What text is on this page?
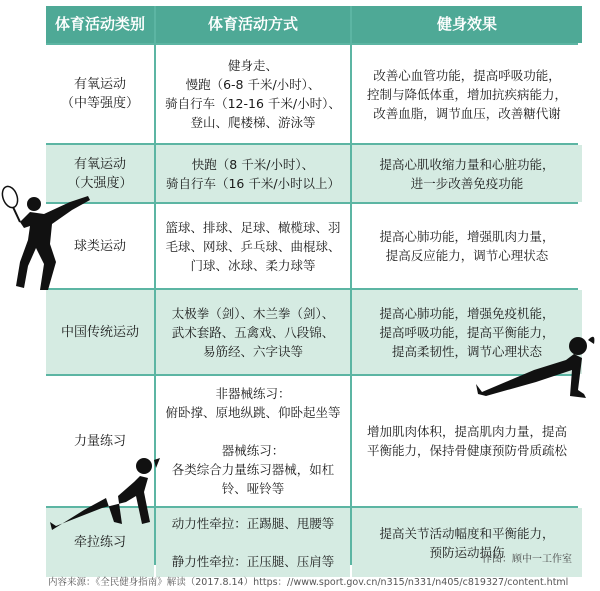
体育活动类别	体育活动方式	健身效果
有氧运动
（中等强度）
健身走、
慢跑（6-8 千米/小时）、
骑自行车（12-16 千米/小时）、
登山、爬楼梯、游泳等
改善心血管功能，提高呼吸功能，
控制与降低体重，增加抗疾病能力，
改善血脂，调节血压，改善糖代谢
有氧运动
（大强度）
快跑（8 千米/小时）、
骑自行车（16 千米/小时以上）
提高心肌收缩力量和心脏功能，
进一步改善免疫功能
球类运动
篮球、排球、足球、橄榄球、羽
毛球、网球、乒乓球、曲棍球、
门球、冰球、柔力球等
提高心肺功能，增强肌肉力量，
提高反应能力，调节心理状态
中国传统运动
太极拳（剑）、木兰拳（剑）、
武术套路、五禽戏、八段锦、
易筋经、六字诀等
提高心肺功能，增强免疫机能，
提高呼吸功能，提高平衡能力，
提高柔韧性，调节心理状态
力量练习
非器械练习：
俯卧撑、原地纵跳、仰卧起坐等

器械练习：
各类综合力量练习器械，如杠
铃、哑铃等
增加肌肉体积，提高肌肉力量，提高
平衡能力，保持骨健康预防骨质疏松
牵拉练习
动力性牵拉：正踢腿、甩腰等

静力性牵拉：正压腿、压肩等
提高关节活动幅度和平衡能力，
预防运动损伤
作图：顾中一工作室
内容来源：《全民健身指南》解读（2017.8.14）https：//www.sport.gov.cn/n315/n331/n405/c819327/content.html
